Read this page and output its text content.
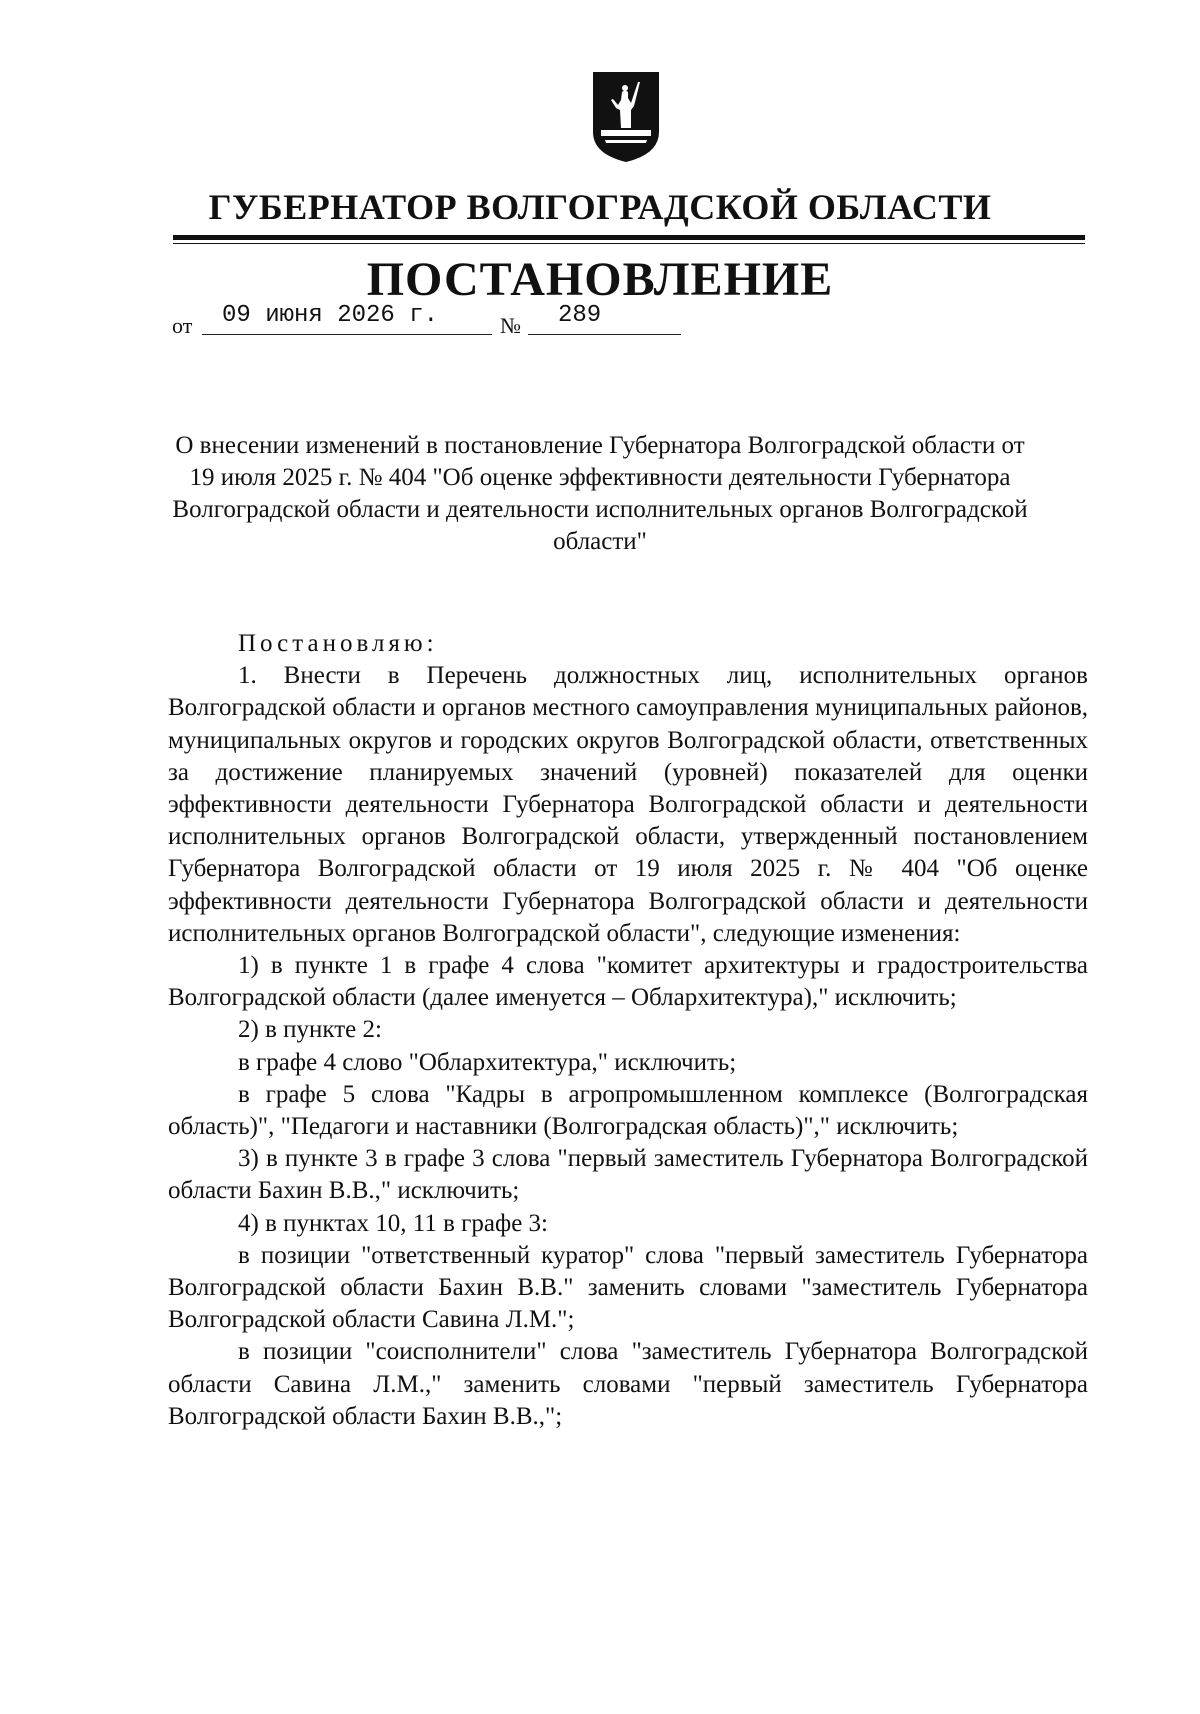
ГУБЕРНАТОР ВОЛГОГРАДСКОЙ ОБЛАСТИ
ПОСТАНОВЛЕНИЕ
от 09 июня 2026 г.	№ 289
О внесении изменений в постановление Губернатора Волгоградской области от 19 июля 2025 г. № 404 "Об оценке эффективности деятельности Губернатора Волгоградской области и деятельности исполнительных органов Волгоградской области"

Постановляю:

1. Внести в Перечень должностных лиц, исполнительных органов Волгоградской области и органов местного самоуправления муниципальных районов, муниципальных округов и городских округов Волгоградской области, ответственных за достижение планируемых значений (уровней) показателей для оценки эффективности деятельности Губернатора Волгоградской области и деятельности исполнительных органов Волгоградской области, утвержденный постановлением Губернатора Волгоградской области от 19 июля 2025 г. № 404 "Об оценке эффективности деятельности Губернатора Волгоградской области и деятельности исполнительных органов Волгоградской области", следующие изменения:

1) в пункте 1 в графе 4 слова "комитет архитектуры и градостроительства Волгоградской области (далее именуется – Облархитектура)," исключить;

2) в пункте 2:

в графе 4 слово "Облархитектура," исключить;

в графе 5 слова "Кадры в агропромышленном комплексе (Волгоградская область)", "Педагоги и наставники (Волгоградская область)"," исключить;

3) в пункте 3 в графе 3 слова "первый заместитель Губернатора Волгоградской области Бахин В.В.," исключить;

4) в пунктах 10, 11 в графе 3:

в позиции "ответственный куратор" слова "первый заместитель Губернатора Волгоградской области Бахин В.В." заменить словами "заместитель Губернатора Волгоградской области Савина Л.М.";

в позиции "соисполнители" слова "заместитель Губернатора Волгоградской области Савина Л.М.," заменить словами "первый заместитель Губернатора Волгоградской области Бахин В.В.,";
